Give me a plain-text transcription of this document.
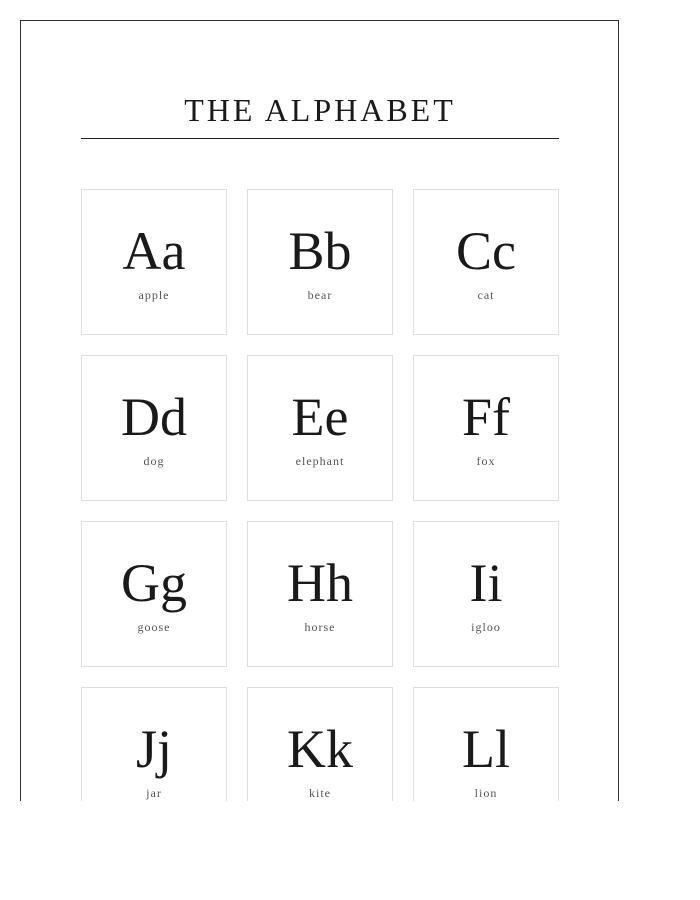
THE ALPHABET
Aa
apple
Bb
bear
Cc
cat
Dd
dog
Ee
elephant
Ff
fox
Gg
goose
Hh
horse
Ii
igloo
Jj
jar
Kk
kite
Ll
lion
